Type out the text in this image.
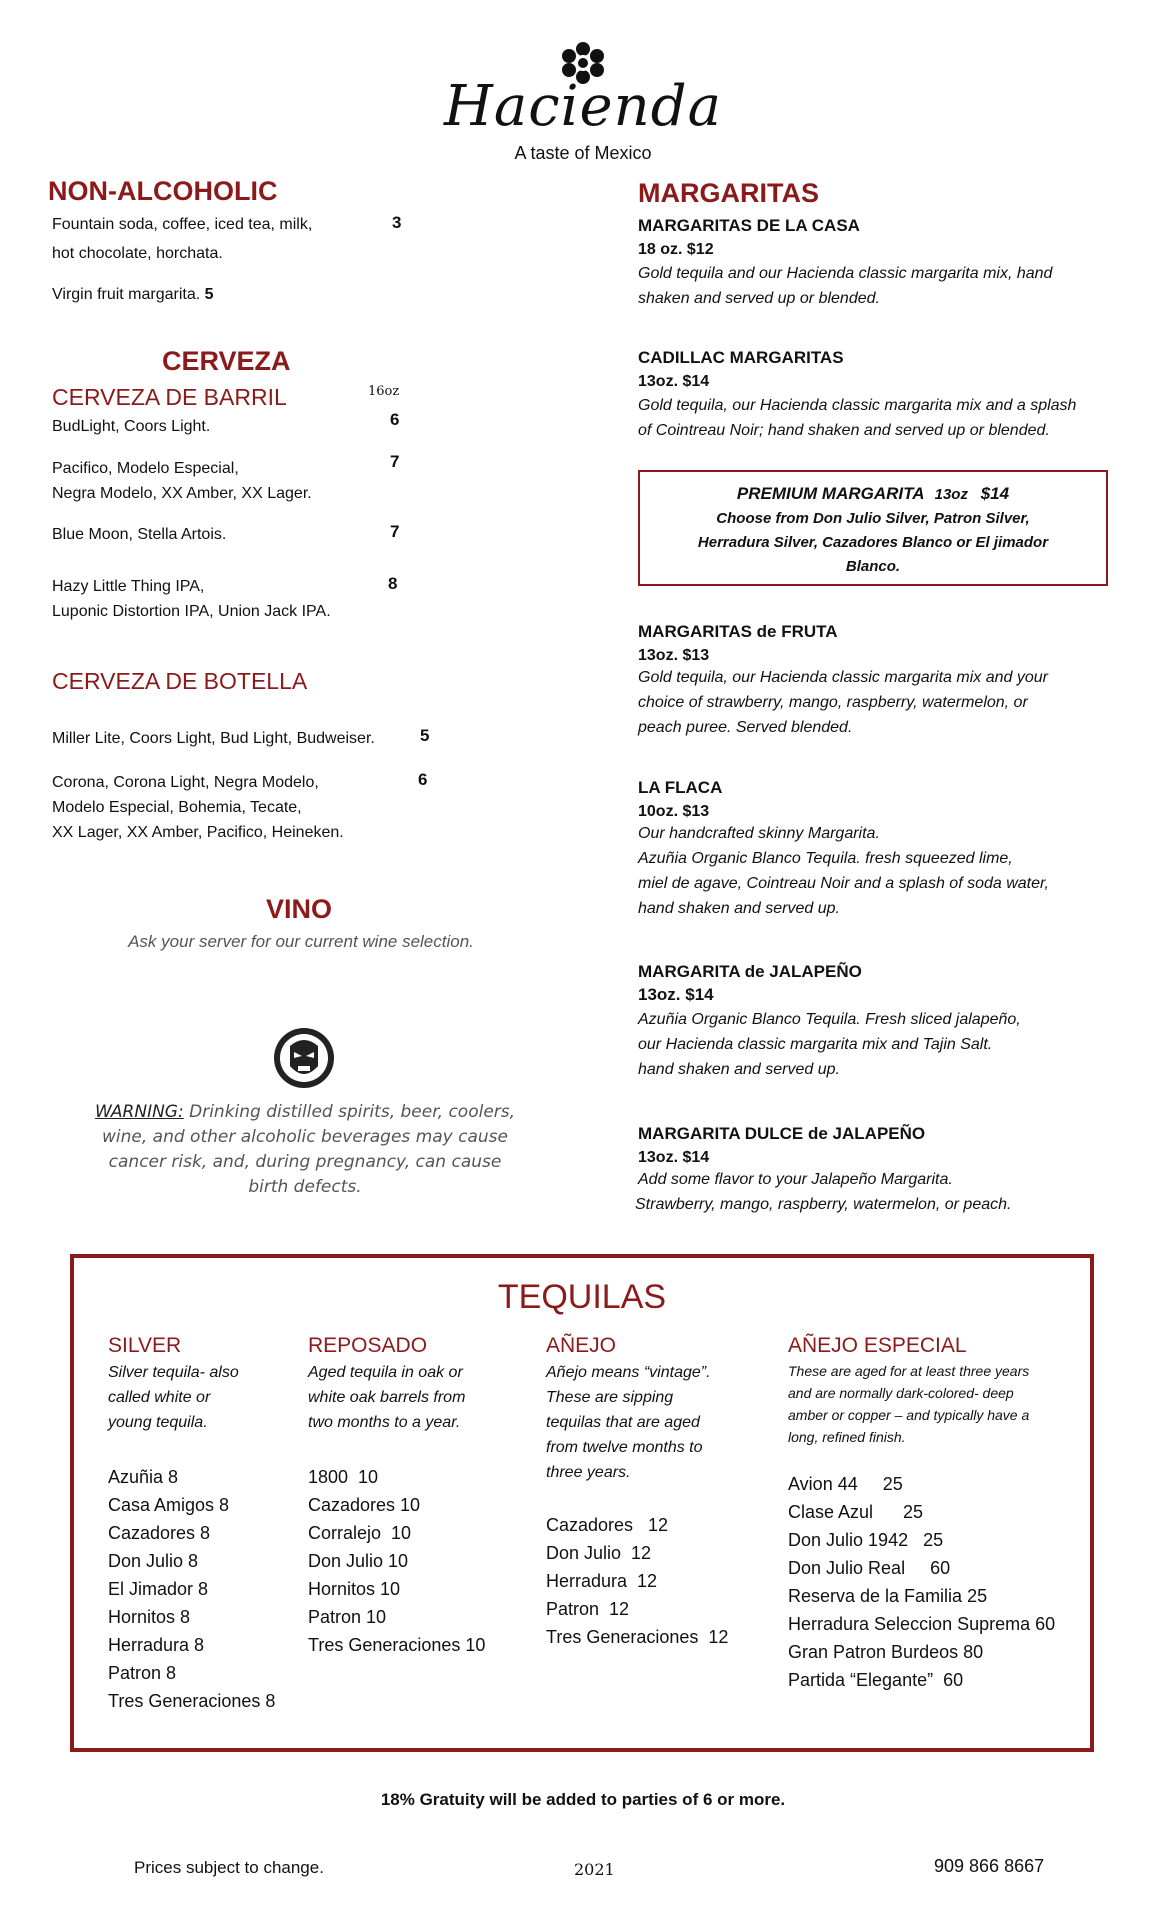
Hacienda
A taste of Mexico
NON-ALCOHOLIC
Fountain soda, coffee, iced tea, milk,
hot chocolate, horchata.
3
Virgin fruit margarita. 5
CERVEZA
CERVEZA DE BARRIL	16oz
BudLight, Coors Light.	6
Pacifico, Modelo Especial,
Negra Modelo, XX Amber, XX Lager.
7
Blue Moon, Stella Artois.	7
Hazy Little Thing IPA,
Luponic Distortion IPA, Union Jack IPA.
8
CERVEZA DE BOTELLA
Miller Lite, Coors Light, Bud Light, Budweiser.	5
Corona, Corona Light, Negra Modelo,
Modelo Especial, Bohemia, Tecate,
XX Lager, XX Amber, Pacifico, Heineken.
6
VINO
Ask your server for our current wine selection.
WARNING: Drinking distilled spirits, beer, coolers,
wine, and other alcoholic beverages may cause
cancer risk, and, during pregnancy, can cause
birth defects.
MARGARITAS
MARGARITAS DE LA CASA
18 oz. $12
Gold tequila and our Hacienda classic margarita mix, hand
shaken and served up or blended.
CADILLAC MARGARITAS
13oz. $14
Gold tequila, our Hacienda classic margarita mix and a splash
of Cointreau Noir; hand shaken and served up or blended.
PREMIUM MARGARITA 13oz $14
Choose from Don Julio Silver, Patron Silver,
Herradura Silver, Cazadores Blanco or El jimador
Blanco.
MARGARITAS de FRUTA
13oz. $13
Gold tequila, our Hacienda classic margarita mix and your
choice of strawberry, mango, raspberry, watermelon, or
peach puree. Served blended.
LA FLACA
10oz. $13
Our handcrafted skinny Margarita.
Azuñia Organic Blanco Tequila. fresh squeezed lime,
miel de agave, Cointreau Noir and a splash of soda water,
hand shaken and served up.
MARGARITA de JALAPEÑO
13oz. $14
Azuñia Organic Blanco Tequila. Fresh sliced jalapeño,
our Hacienda classic margarita mix and Tajin Salt.
hand shaken and served up.
MARGARITA DULCE de JALAPEÑO
13oz. $14
Add some flavor to your Jalapeño Margarita.
Strawberry, mango, raspberry, watermelon, or peach.
TEQUILAS
SILVER
Silver tequila- also
called white or
young tequila.
Azuñia 8
Casa Amigos 8
Cazadores 8
Don Julio 8
El Jimador 8
Hornitos 8
Herradura 8
Patron 8
Tres Generaciones 8
REPOSADO
Aged tequila in oak or
white oak barrels from
two months to a year.
1800  10
Cazadores 10
Corralejo  10
Don Julio 10
Hornitos 10
Patron 10
Tres Generaciones 10
AÑEJO
Añejo means “vintage”.
These are sipping
tequilas that are aged
from twelve months to
three years.
Cazadores   12
Don Julio  12
Herradura  12
Patron  12
Tres Generaciones  12
AÑEJO ESPECIAL
These are aged for at least three years
and are normally dark-colored- deep
amber or copper – and typically have a
long, refined finish.
Avion 44     25
Clase Azul      25
Don Julio 1942   25
Don Julio Real     60
Reserva de la Familia 25
Herradura Seleccion Suprema 60
Gran Patron Burdeos 80
Partida “Elegante”  60
18% Gratuity will be added to parties of 6 or more.
Prices subject to change.	2021	909 866 8667
